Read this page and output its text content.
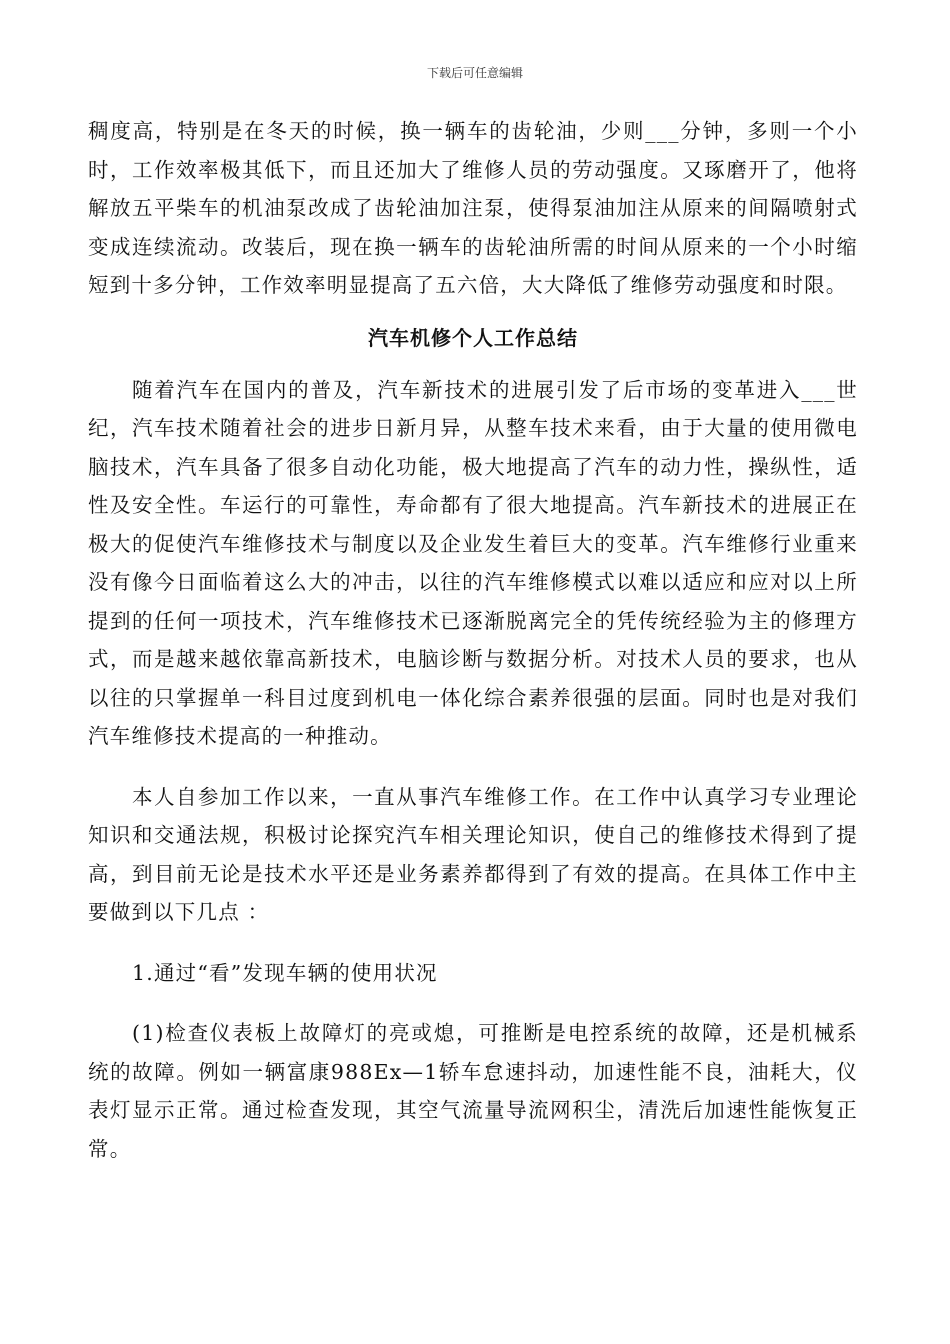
下载后可任意编辑

稠度高，特别是在冬天的时候，换一辆车的齿轮油，少则___分钟，多则一个小时，工作效率极其低下，而且还加大了维修人员的劳动强度。又琢磨开了，他将解放五平柴车的机油泵改成了齿轮油加注泵，使得泵油加注从原来的间隔喷射式变成连续流动。改装后，现在换一辆车的齿轮油所需的时间从原来的一个小时缩短到十多分钟，工作效率明显提高了五六倍，大大降低了维修劳动强度和时限。

汽车机修个人工作总结

随着汽车在国内的普及，汽车新技术的进展引发了后市场的变革进入___世纪，汽车技术随着社会的进步日新月异，从整车技术来看，由于大量的使用微电脑技术，汽车具备了很多自动化功能，极大地提高了汽车的动力性，操纵性，适性及安全性。车运行的可靠性，寿命都有了很大地提高。汽车新技术的进展正在极大的促使汽车维修技术与制度以及企业发生着巨大的变革。汽车维修行业重来没有像今日面临着这么大的冲击，以往的汽车维修模式以难以适应和应对以上所提到的任何一项技术，汽车维修技术已逐渐脱离完全的凭传统经验为主的修理方式，而是越来越依靠高新技术，电脑诊断与数据分析。对技术人员的要求，也从以往的只掌握单一科目过度到机电一体化综合素养很强的层面。同时也是对我们汽车维修技术提高的一种推动。

本人自参加工作以来，一直从事汽车维修工作。在工作中认真学习专业理论知识和交通法规，积极讨论探究汽车相关理论知识，使自己的维修技术得到了提高，到目前无论是技术水平还是业务素养都得到了有效的提高。在具体工作中主要做到以下几点 ：

1.通过“看”发现车辆的使用状况

(1)检查仪表板上故障灯的亮或熄，可推断是电控系统的故障，还是机械系统的故障。例如一辆富康988Ex—1轿车怠速抖动，加速性能不良，油耗大，仪表灯显示正常。通过检查发现，其空气流量导流网积尘，清洗后加速性能恢复正常。
